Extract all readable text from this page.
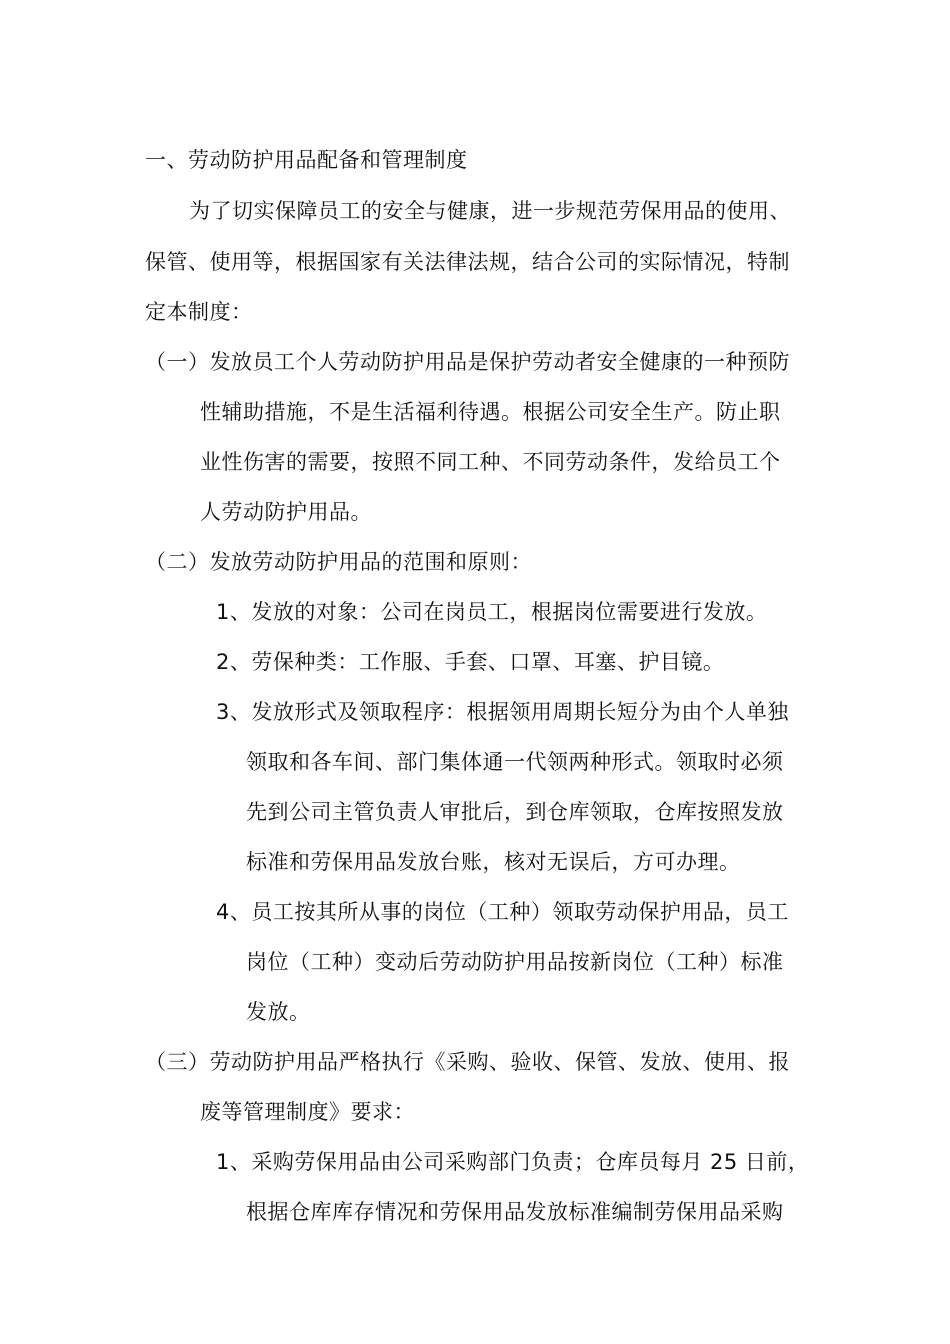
一、劳动防护用品配备和管理制度
为了切实保障员工的安全与健康，进一步规范劳保用品的使用、
保管、使用等，根据国家有关法律法规，结合公司的实际情况，特制
定本制度：
（一）发放员工个人劳动防护用品是保护劳动者安全健康的一种预防
性辅助措施，不是生活福利待遇。根据公司安全生产。防止职
业性伤害的需要，按照不同工种、不同劳动条件，发给员工个
人劳动防护用品。
（二）发放劳动防护用品的范围和原则：
1、发放的对象：公司在岗员工，根据岗位需要进行发放。
2、劳保种类：工作服、手套、口罩、耳塞、护目镜。
3、发放形式及领取程序：根据领用周期长短分为由个人单独
领取和各车间、部门集体通一代领两种形式。领取时必须
先到公司主管负责人审批后，到仓库领取，仓库按照发放
标准和劳保用品发放台账，核对无误后，方可办理。
4、员工按其所从事的岗位（工种）领取劳动保护用品，员工
岗位（工种）变动后劳动防护用品按新岗位（工种）标准
发放。
（三）劳动防护用品严格执行《采购、验收、保管、发放、使用、报
废等管理制度》要求：
1、采购劳保用品由公司采购部门负责；仓库员每月 25 日前，
根据仓库库存情况和劳保用品发放标准编制劳保用品采购
